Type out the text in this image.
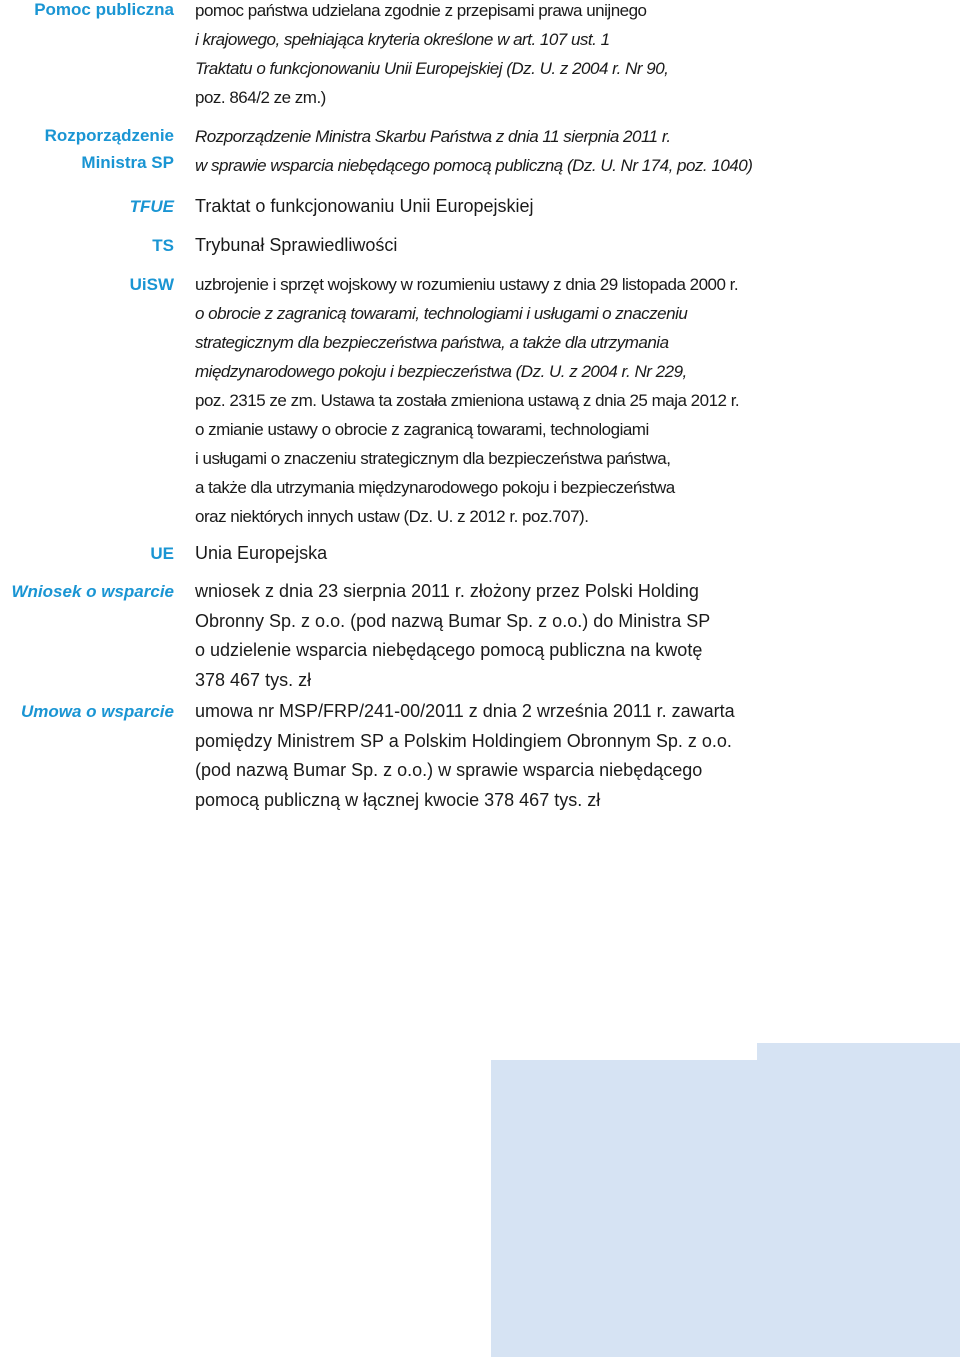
Pomoc publiczna pomoc państwa udzielana zgodnie z przepisami prawa unijnego
i krajowego, spełniająca kryteria określone w art. 107 ust. 1
Traktatu o funkcjonowaniu Unii Europejskiej (Dz. U. z 2004 r. Nr 90,
poz. 864/2 ze zm.)
Rozporządzenie
Ministra SP
Rozporządzenie Ministra Skarbu Państwa z dnia 11 sierpnia 2011 r.
w sprawie wsparcia niebędącego pomocą publiczną (Dz. U. Nr 174, poz. 1040)
TFUE Traktat o funkcjonowaniu Unii Europejskiej
TS Trybunał Sprawiedliwości
UiSW uzbrojenie i sprzęt wojskowy w rozumieniu ustawy z dnia 29 listopada 2000 r.
o obrocie z zagranicą towarami, technologiami i usługami o znaczeniu
strategicznym dla bezpieczeństwa państwa, a także dla utrzymania
międzynarodowego pokoju i bezpieczeństwa (Dz. U. z 2004 r. Nr 229,
poz. 2315 ze zm. Ustawa ta została zmieniona ustawą z dnia 25 maja 2012 r.
o zmianie ustawy o obrocie z zagranicą towarami, technologiami
i usługami o znaczeniu strategicznym dla bezpieczeństwa państwa,
a także dla utrzymania międzynarodowego pokoju i bezpieczeństwa
oraz niektórych innych ustaw (Dz. U. z 2012 r. poz.707).
UE Unia Europejska
Wniosek o wsparcie wniosek z dnia 23 sierpnia 2011 r. złożony przez Polski Holding
Obronny Sp. z o.o. (pod nazwą Bumar Sp. z o.o.) do Ministra SP
o udzielenie wsparcia niebędącego pomocą publiczna na kwotę
378 467 tys. zł
Umowa o wsparcie umowa nr MSP/FRP/241-00/2011 z dnia 2 września 2011 r. zawarta
pomiędzy Ministrem SP a Polskim Holdingiem Obronnym Sp. z o.o.
(pod nazwą Bumar Sp. z o.o.) w sprawie wsparcia niebędącego
pomocą publiczną w łącznej kwocie 378 467 tys. zł
